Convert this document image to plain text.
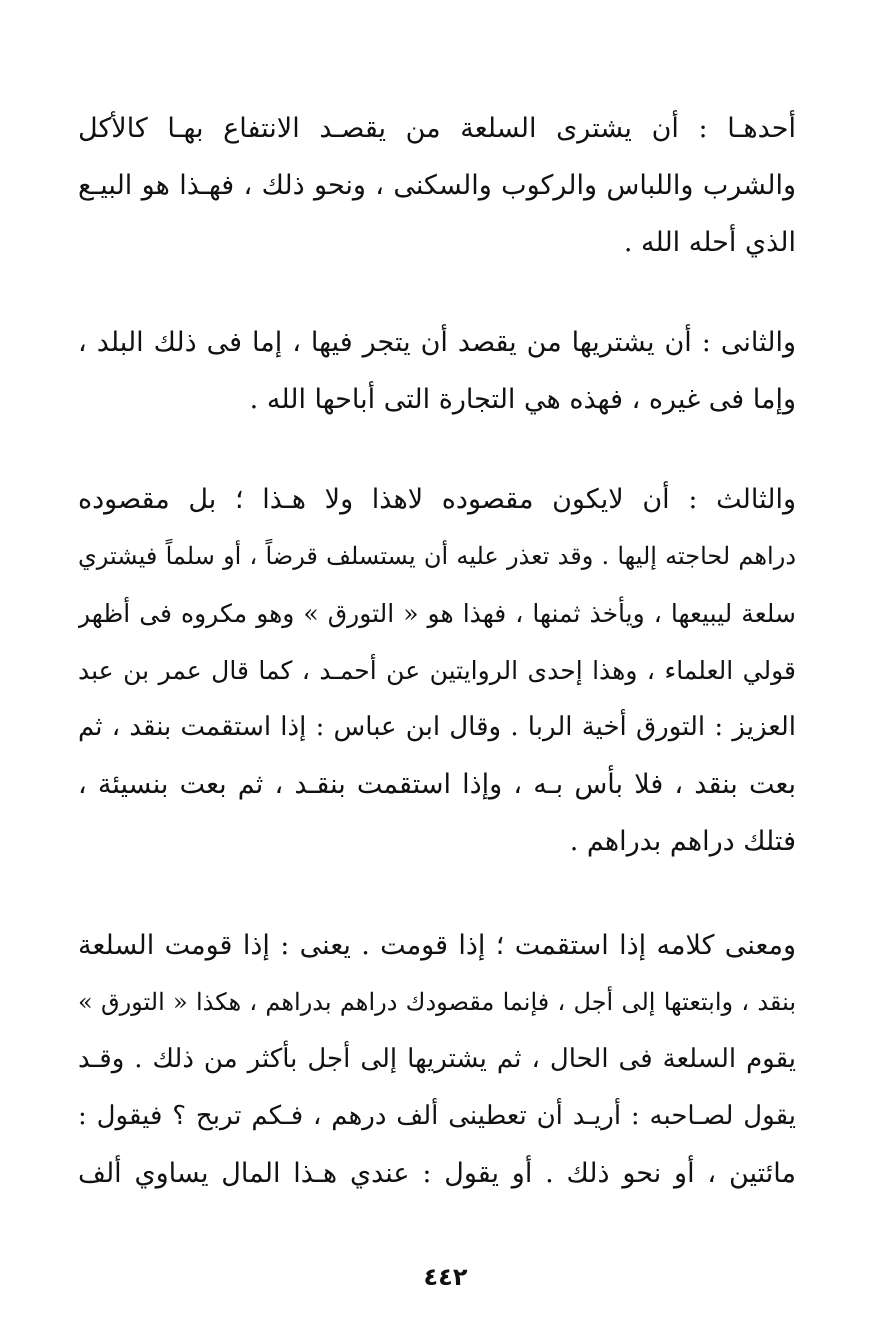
أحدهـا : أن يشترى السلعة من يقصـد الانتفاع بهـا كالأكل
والشرب واللباس والركوب والسكنى ، ونحو ذلك ، فهـذا هو البيـع
الذي أحله الله .
والثانى : أن يشتريها من يقصد أن يتجر فيها ، إما فى ذلك البلد ،
وإما فى غيره ، فهذه هي التجارة التى أباحها الله .
والثالث : أن لايكون مقصوده لاهذا ولا هـذا ؛ بل مقصوده
دراهم لحاجته إليها . وقد تعذر عليه أن يستسلف قرضاً ، أو سلماً فيشتري
سلعة ليبيعها ، ويأخذ ثمنها ، فهذا هو « التورق » وهو مكروه فى أظهر
قولي العلماء ، وهذا إحدى الروايتين عن أحمـد ، كما قال عمر بن عبد
العزيز : التورق أخية الربا . وقال ابن عباس : إذا استقمت بنقد ، ثم
بعت بنقد ، فلا بأس بـه ، وإذا استقمت بنقـد ، ثم بعت بنسيئة ،
فتلك دراهم بدراهم .
ومعنى كلامه إذا استقمت ؛ إذا قومت . يعنى : إذا قومت السلعة
بنقد ، وابتعتها إلى أجل ، فإنما مقصودك دراهم بدراهم ، هكذا « التورق »
يقوم السلعة فى الحال ، ثم يشتريها إلى أجل بأكثر من ذلك . وقـد
يقول لصـاحبه : أريـد أن تعطينى ألف درهم ، فـكم تربح ؟ فيقول :
مائتين ، أو نحو ذلك . أو يقول : عندي هـذا المال يساوي ألف
٤٤٢
